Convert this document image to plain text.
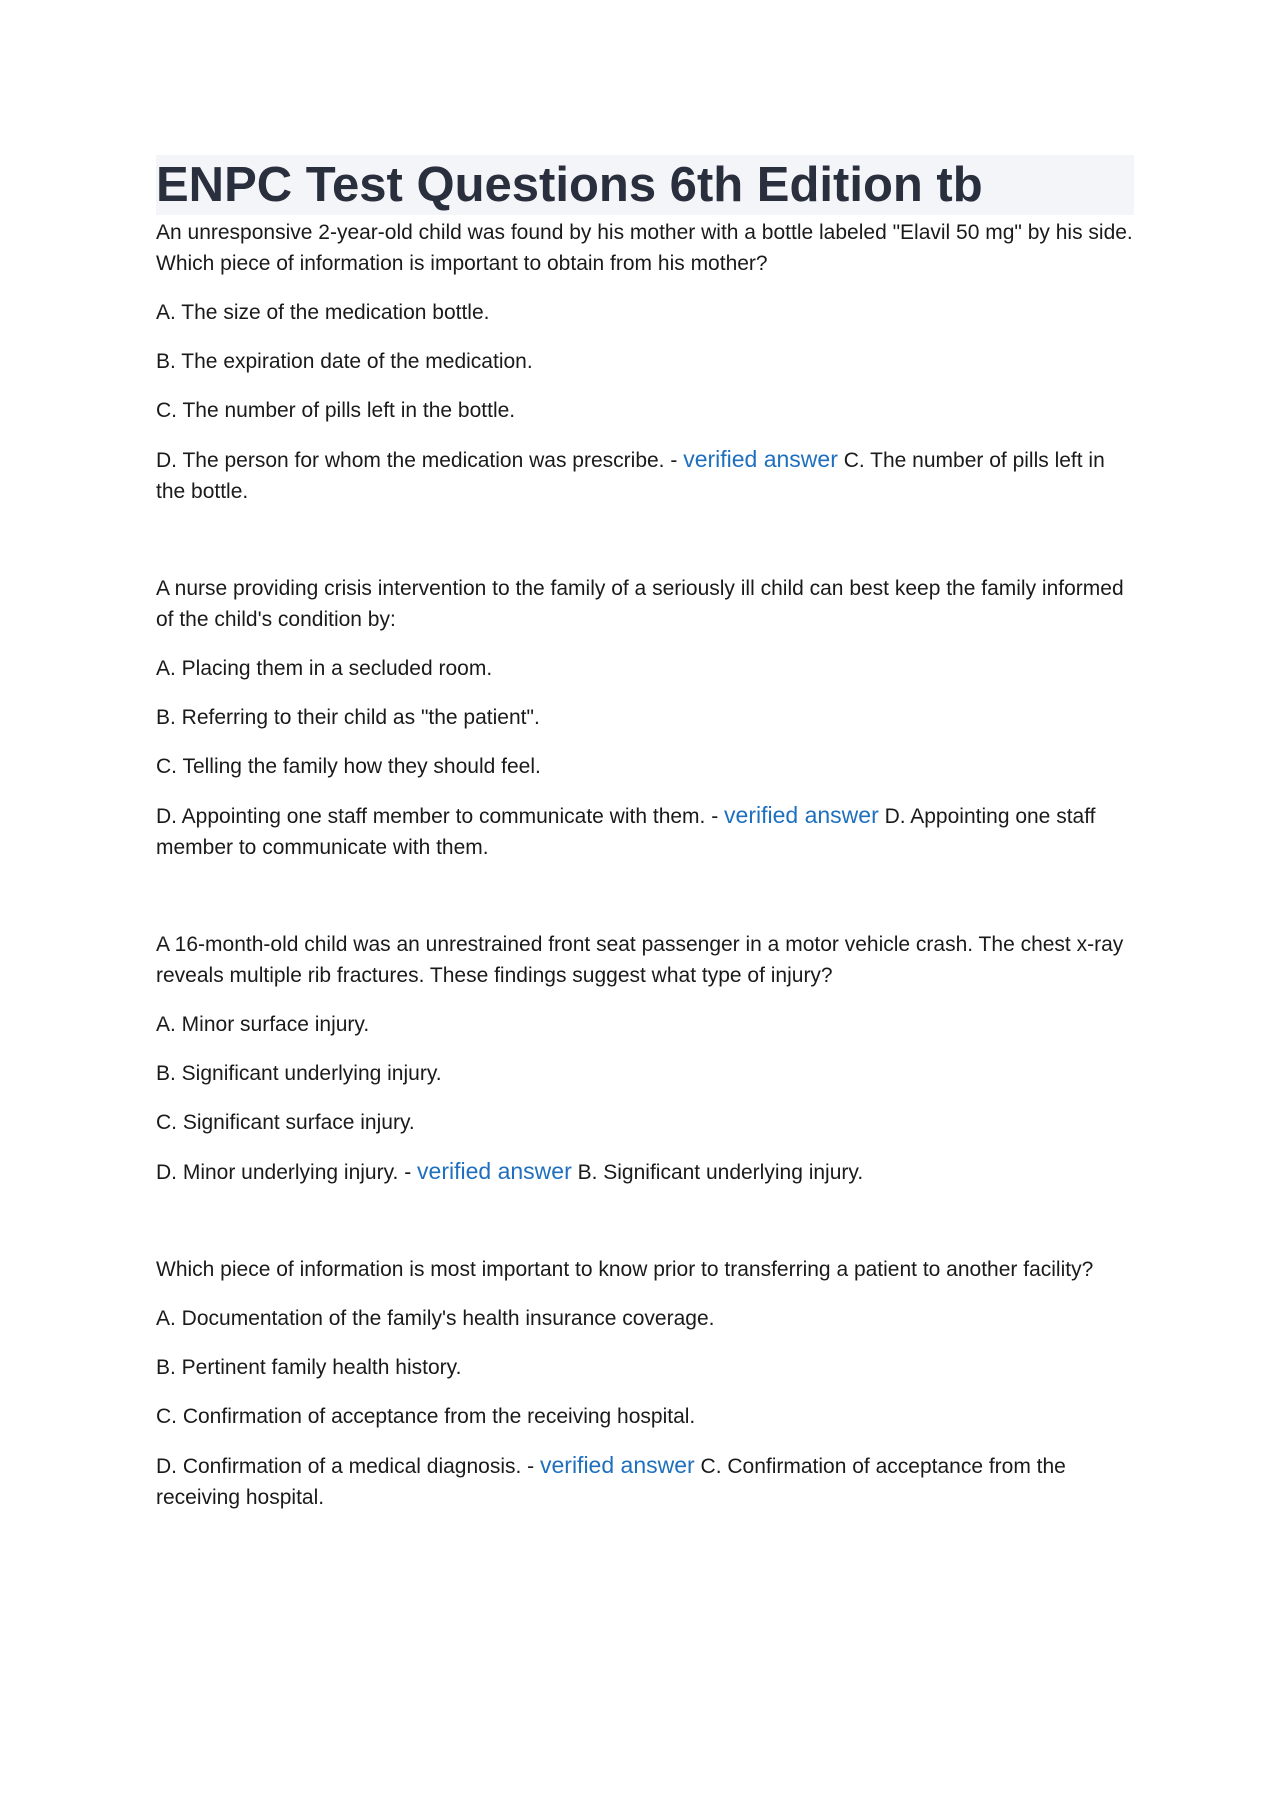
ENPC Test Questions 6th Edition tb

An unresponsive 2-year-old child was found by his mother with a bottle labeled "Elavil 50 mg" by his side. Which piece of information is important to obtain from his mother?

A. The size of the medication bottle.

B. The expiration date of the medication.

C. The number of pills left in the bottle.

D. The person for whom the medication was prescribe. - verified answer C. The number of pills left in the bottle.

A nurse providing crisis intervention to the family of a seriously ill child can best keep the family informed of the child's condition by:

A. Placing them in a secluded room.

B. Referring to their child as "the patient".

C. Telling the family how they should feel.

D. Appointing one staff member to communicate with them. - verified answer D. Appointing one staff member to communicate with them.

A 16-month-old child was an unrestrained front seat passenger in a motor vehicle crash. The chest x-ray reveals multiple rib fractures. These findings suggest what type of injury?

A. Minor surface injury.

B. Significant underlying injury.

C. Significant surface injury.

D. Minor underlying injury. - verified answer B. Significant underlying injury.

Which piece of information is most important to know prior to transferring a patient to another facility?

A. Documentation of the family's health insurance coverage.

B. Pertinent family health history.

C. Confirmation of acceptance from the receiving hospital.

D. Confirmation of a medical diagnosis. - verified answer C. Confirmation of acceptance from the receiving hospital.
